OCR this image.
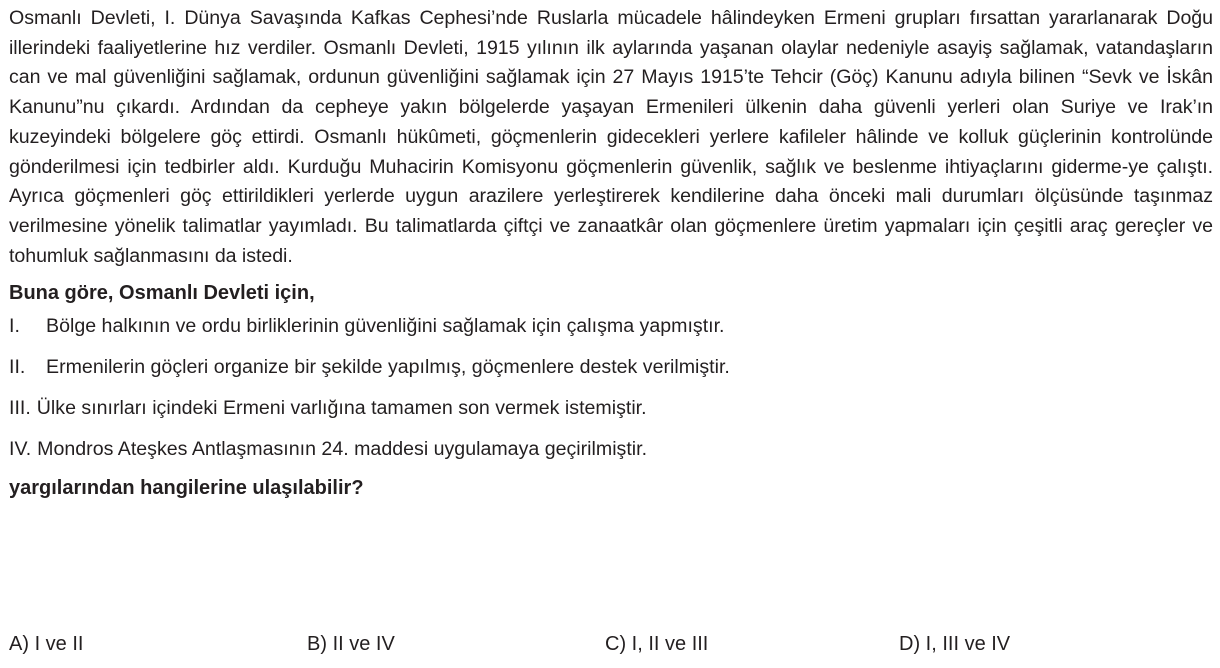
Osmanlı Devleti, I. Dünya Savaşında Kafkas Cephesi’nde Ruslarla mücadele hâlindeyken Ermeni grupları fırsattan yararlanarak Doğu illerindeki faaliyetlerine hız verdiler. Osmanlı Devleti, 1915 yılının ilk aylarında yaşanan olaylar nedeniyle asayiş sağlamak, vatandaşların can ve mal güvenliğini sağlamak, ordunun güvenliğini sağlamak için 27 Mayıs 1915’te Tehcir (Göç) Kanunu adıyla bilinen “Sevk ve İskân Kanunu”nu çıkardı. Ardından da cepheye yakın bölgelerde yaşayan Ermenileri ülkenin daha güvenli yerleri olan Suriye ve Irak’ın kuzeyindeki bölgelere göç ettirdi. Osmanlı hükûmeti, göçmenlerin gidecekleri yerlere kafileler hâlinde ve kolluk güçlerinin kontrolünde gönderilmesi için tedbirler aldı. Kurduğu Muhacirin Komisyonu göçmenlerin güvenlik, sağlık ve beslenme ihtiyaçlarını giderme-ye çalıştı. Ayrıca göçmenleri göç ettirildikleri yerlerde uygun arazilere yerleştirerek kendilerine daha önceki mali durumları ölçüsünde taşınmaz verilmesine yönelik talimatlar yayımladı. Bu talimatlarda çiftçi ve zanaatkâr olan göçmenlere üretim yapmaları için çeşitli araç gereçler ve tohumluk sağlanmasını da istedi.

Buna göre, Osmanlı Devleti için,

I.	Bölge halkının ve ordu birliklerinin güvenliğini sağlamak için çalışma yapmıştır.
II.	Ermenilerin göçleri organize bir şekilde yapılmış, göçmenlere destek verilmiştir.
III. Ülke sınırları içindeki Ermeni varlığına tamamen son vermek istemiştir.
IV. Mondros Ateşkes Antlaşmasının 24. maddesi uygulamaya geçirilmiştir.

yargılarından hangilerine ulaşılabilir?

A) I ve II	B) II ve IV	C) I, II ve III	D) I, III ve IV
